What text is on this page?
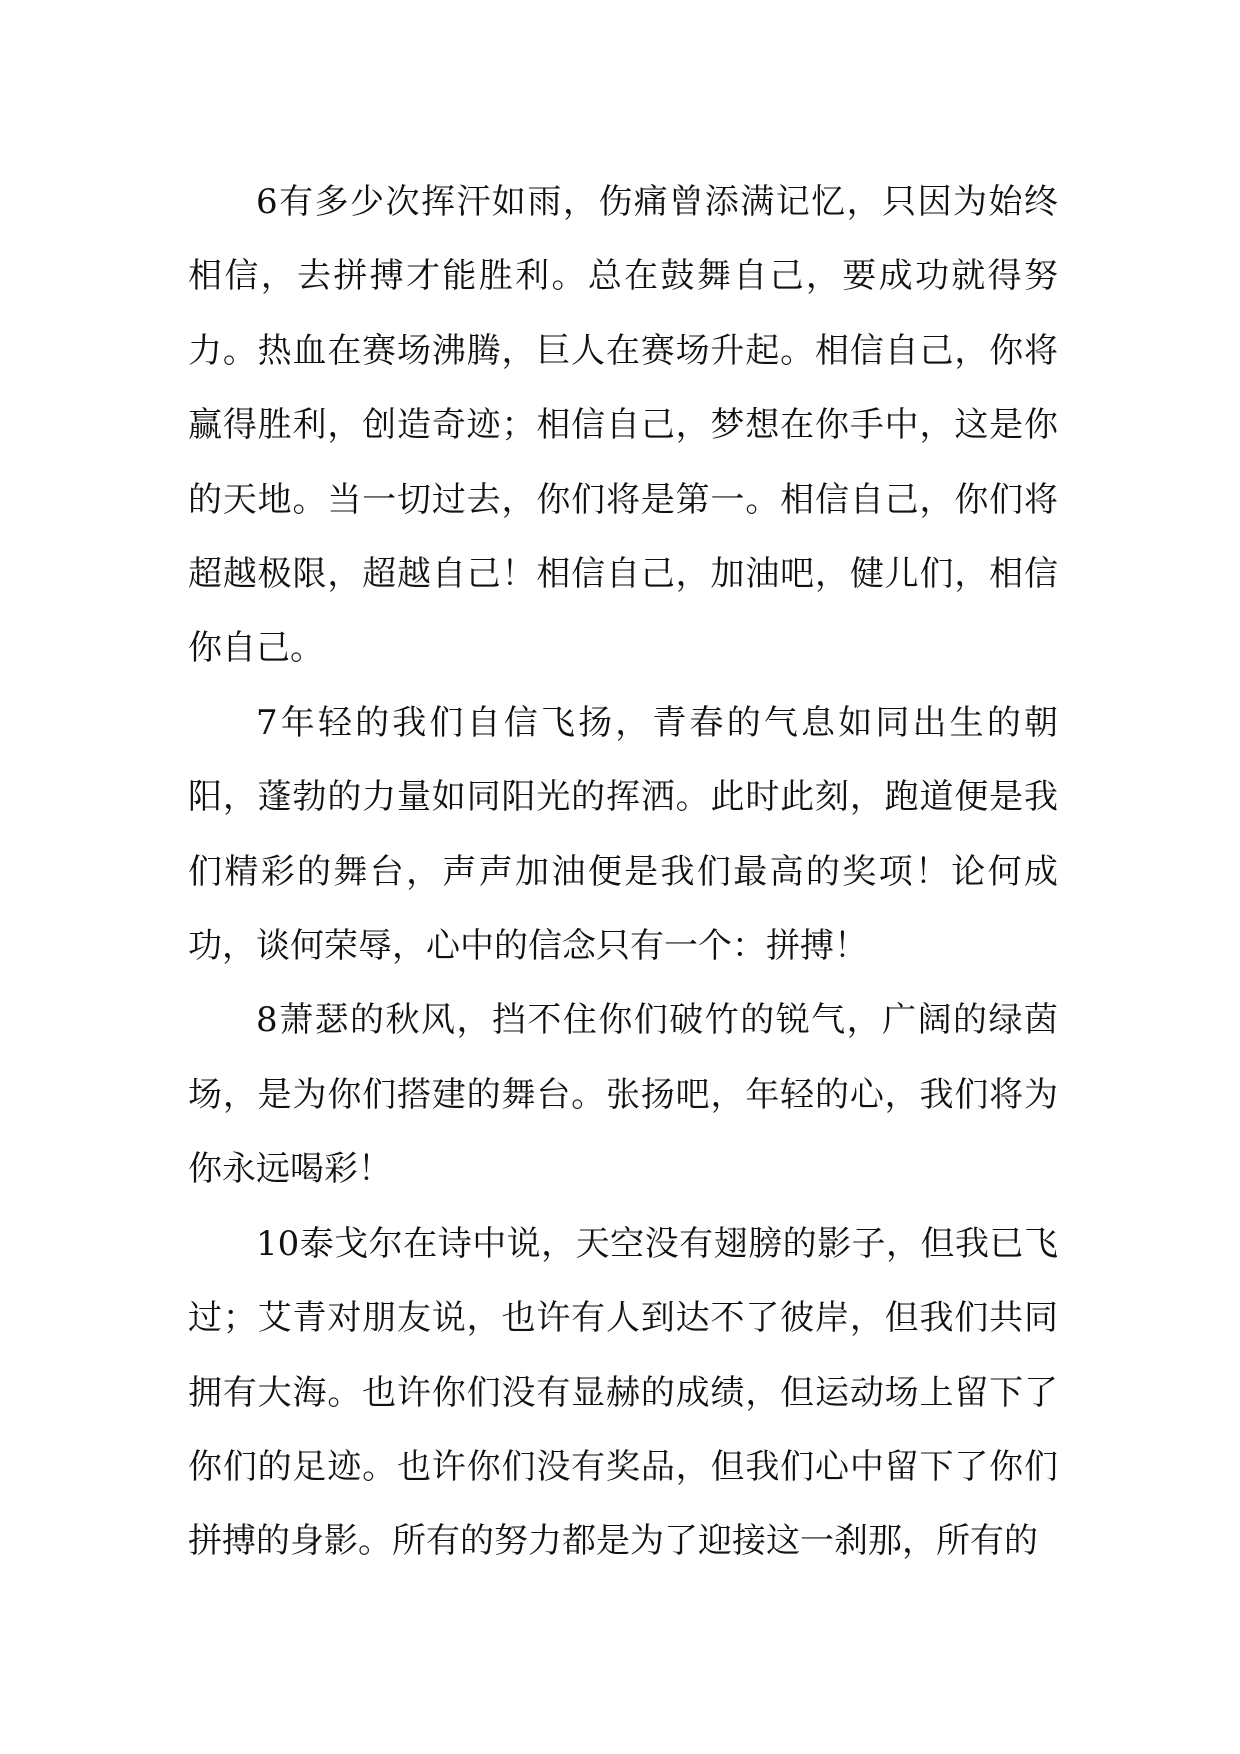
6有多少次挥汗如雨，伤痛曾添满记忆，只因为始终相信，去拼搏才能胜利。总在鼓舞自己，要成功就得努力。热血在赛场沸腾，巨人在赛场升起。相信自己，你将赢得胜利，创造奇迹；相信自己，梦想在你手中，这是你的天地。当一切过去，你们将是第一。相信自己，你们将超越极限，超越自己！相信自己，加油吧，健儿们，相信你自己。

7年轻的我们自信飞扬，青春的气息如同出生的朝阳，蓬勃的力量如同阳光的挥洒。此时此刻，跑道便是我们精彩的舞台，声声加油便是我们最高的奖项！论何成功，谈何荣辱，心中的信念只有一个：拼搏！

8萧瑟的秋风，挡不住你们破竹的锐气，广阔的绿茵场，是为你们搭建的舞台。张扬吧，年轻的心，我们将为你永远喝彩！

10泰戈尔在诗中说，天空没有翅膀的影子，但我已飞过；艾青对朋友说，也许有人到达不了彼岸，但我们共同拥有大海。也许你们没有显赫的成绩，但运动场上留下了你们的足迹。也许你们没有奖品，但我们心中留下了你们拼搏的身影。所有的努力都是为了迎接这一刹那，所有的
